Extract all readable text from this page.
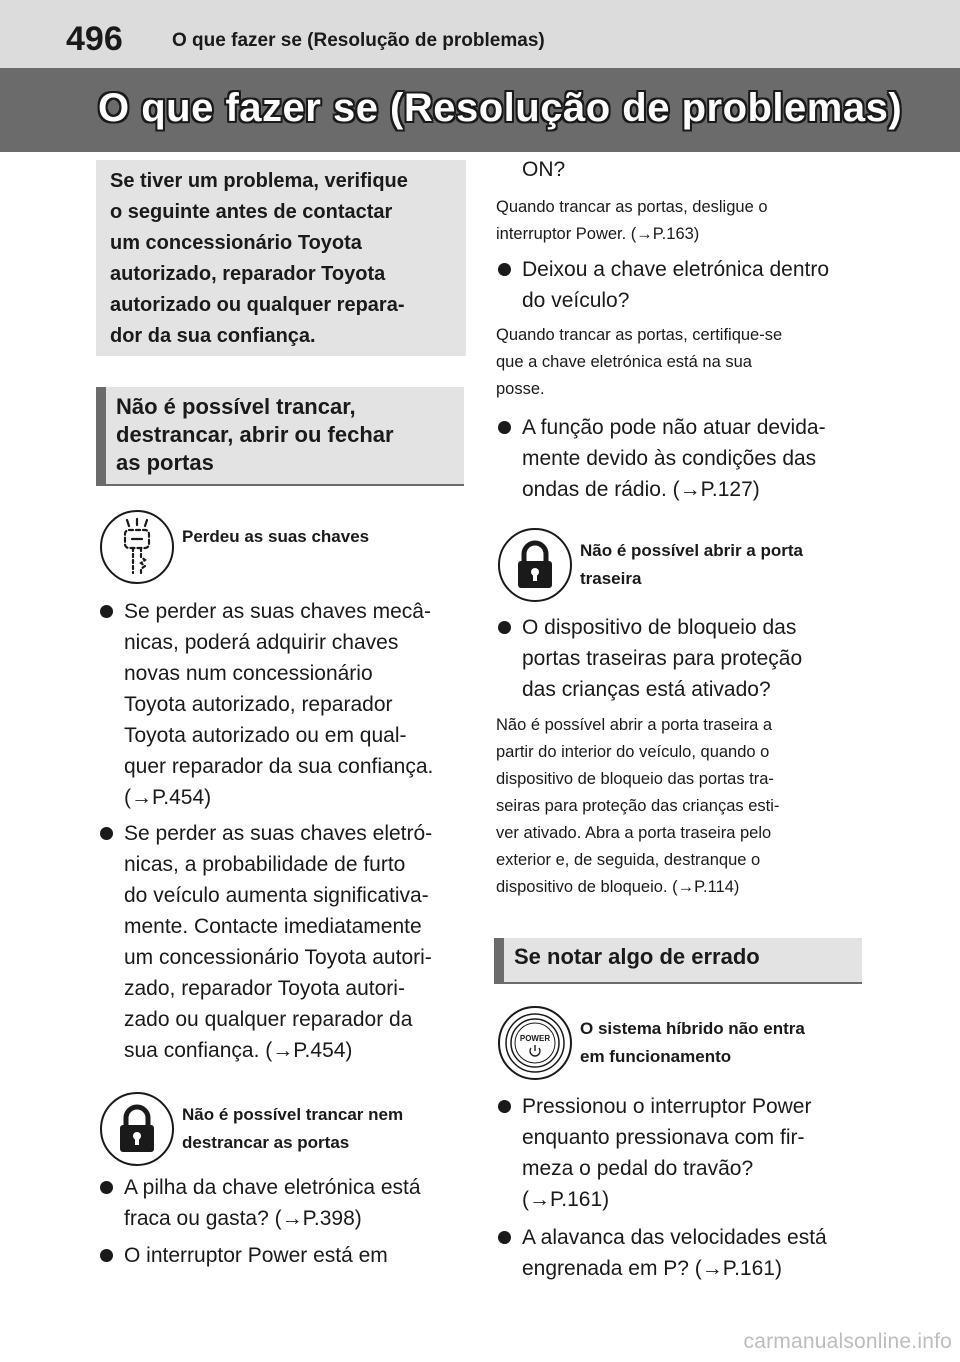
496	O que fazer se (Resolução de problemas)
O que fazer se (Resolução de problemas)

Se tiver um problema, verifique

o seguinte antes de contactar

um concessionário Toyota

autorizado, reparador Toyota

autorizado ou qualquer repara-

dor da sua confiança.

Não é possível trancar,
destrancar, abrir ou fechar
as portas
Perdeu as suas chaves
Se perder as suas chaves mecâ-
nicas, poderá adquirir chaves
novas num concessionário
Toyota autorizado, reparador
Toyota autorizado ou em qual-
quer reparador da sua confiança.
(→P.454)
Se perder as suas chaves eletró-
nicas, a probabilidade de furto
do veículo aumenta significativa-
mente. Contacte imediatamente
um concessionário Toyota autori-
zado, reparador Toyota autori-
zado ou qualquer reparador da
sua confiança. (→P.454)
Não é possível trancar nem
destrancar as portas
A pilha da chave eletrónica está
fraca ou gasta? (→P.398)
O interruptor Power está em
ON?
Quando trancar as portas, desligue o
interruptor Power. (→P.163)
Deixou a chave eletrónica dentro
do veículo?
Quando trancar as portas, certifique-se
que a chave eletrónica está na sua
posse.
A função pode não atuar devida-
mente devido às condições das
ondas de rádio. (→P.127)
Não é possível abrir a porta
traseira
O dispositivo de bloqueio das
portas traseiras para proteção
das crianças está ativado?
Não é possível abrir a porta traseira a
partir do interior do veículo, quando o
dispositivo de bloqueio das portas tra-
seiras para proteção das crianças esti-
ver ativado. Abra a porta traseira pelo
exterior e, de seguida, destranque o
dispositivo de bloqueio. (→P.114)
Se notar algo de errado
POWER
O sistema híbrido não entra
em funcionamento
Pressionou o interruptor Power
enquanto pressionava com fir-
meza o pedal do travão?
(→P.161)
A alavanca das velocidades está
engrenada em P? (→P.161)
carmanualsonline.info
